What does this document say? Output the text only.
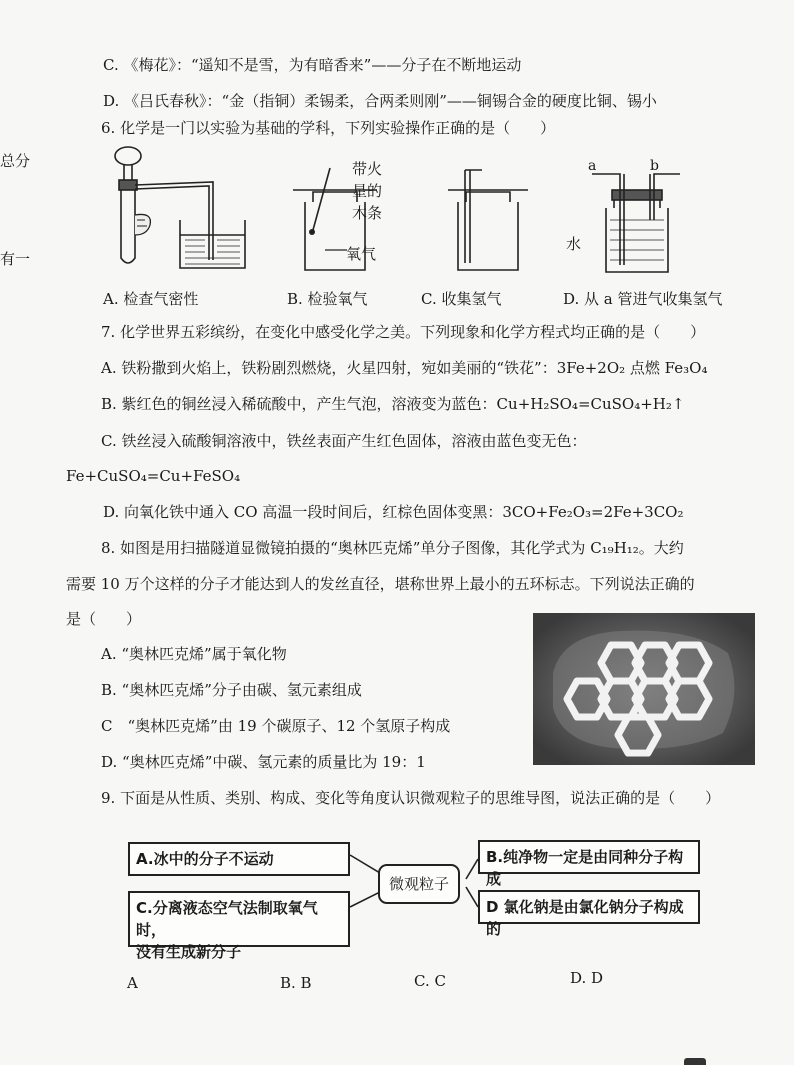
总分
有一
C. 《梅花》：“遥知不是雪，为有暗香来”——分子在不断地运动
D. 《吕氏春秋》：“金（指铜）柔锡柔，合两柔则刚”——铜锡合金的硬度比铜、锡小
6. 化学是一门以实验为基础的学科，下列实验操作正确的是（　　）
带火
星的
木条
氧气
a	b
水
A. 检查气密性	B. 检验氧气	C. 收集氢气	D. 从 a 管进气收集氢气
7. 化学世界五彩缤纷，在变化中感受化学之美。下列现象和化学方程式均正确的是（　　）
A. 铁粉撒到火焰上，铁粉剧烈燃烧，火星四射，宛如美丽的“铁花”：3Fe+2O₂ 点燃 Fe₃O₄
B. 紫红色的铜丝浸入稀硫酸中，产生气泡，溶液变为蓝色：Cu+H₂SO₄=CuSO₄+H₂↑
C. 铁丝浸入硫酸铜溶液中，铁丝表面产生红色固体，溶液由蓝色变无色：
Fe+CuSO₄=Cu+FeSO₄
D. 向氧化铁中通入 CO 高温一段时间后，红棕色固体变黑：3CO+Fe₂O₃=2Fe+3CO₂
8. 如图是用扫描隧道显微镜拍摄的“奥林匹克烯”单分子图像，其化学式为 C₁₉H₁₂。大约
需要 10 万个这样的分子才能达到人的发丝直径，堪称世界上最小的五环标志。下列说法正确的
是（　　）
A. “奥林匹克烯”属于氧化物
B. “奥林匹克烯”分子由碳、氢元素组成
C　“奥林匹克烯”由 19 个碳原子、12 个氢原子构成
D. “奥林匹克烯”中碳、氢元素的质量比为 19：1
9. 下面是从性质、类别、构成、变化等角度认识微观粒子的思维导图，说法正确的是（　　）
A.冰中的分子不运动
C.分离液态空气法制取氧气时，
没有生成新分子
微观粒子
B.纯净物一定是由同种分子构成
D 氯化钠是由氯化钠分子构成的
A	B. B	C. C	D. D
